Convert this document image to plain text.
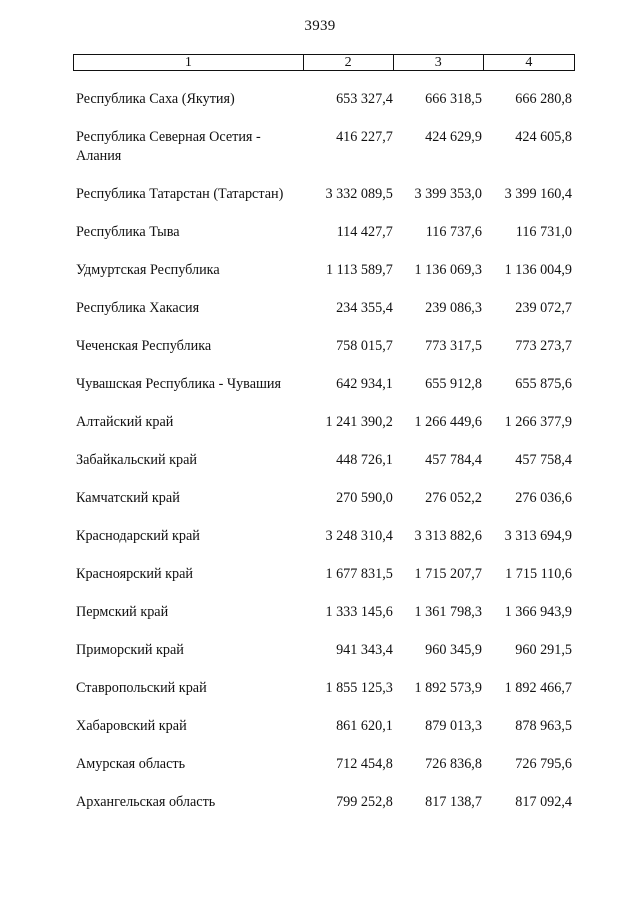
3939
1	2	3	4
Республика Саха (Якутия)	653 327,4	666 318,5	666 280,8

Республика Северная Осетия - Алания	416 227,7	424 629,9	424 605,8

Республика Татарстан (Татарстан)	3 332 089,5	3 399 353,0	3 399 160,4

Республика Тыва	114 427,7	116 737,6	116 731,0

Удмуртская Республика	1 113 589,7	1 136 069,3	1 136 004,9

Республика Хакасия	234 355,4	239 086,3	239 072,7

Чеченская Республика	758 015,7	773 317,5	773 273,7

Чувашская Республика - Чувашия	642 934,1	655 912,8	655 875,6

Алтайский край	1 241 390,2	1 266 449,6	1 266 377,9

Забайкальский край	448 726,1	457 784,4	457 758,4

Камчатский край	270 590,0	276 052,2	276 036,6

Краснодарский край	3 248 310,4	3 313 882,6	3 313 694,9

Красноярский край	1 677 831,5	1 715 207,7	1 715 110,6

Пермский край	1 333 145,6	1 361 798,3	1 366 943,9

Приморский край	941 343,4	960 345,9	960 291,5

Ставропольский край	1 855 125,3	1 892 573,9	1 892 466,7

Хабаровский край	861 620,1	879 013,3	878 963,5

Амурская область	712 454,8	726 836,8	726 795,6

Архангельская область	799 252,8	817 138,7	817 092,4
